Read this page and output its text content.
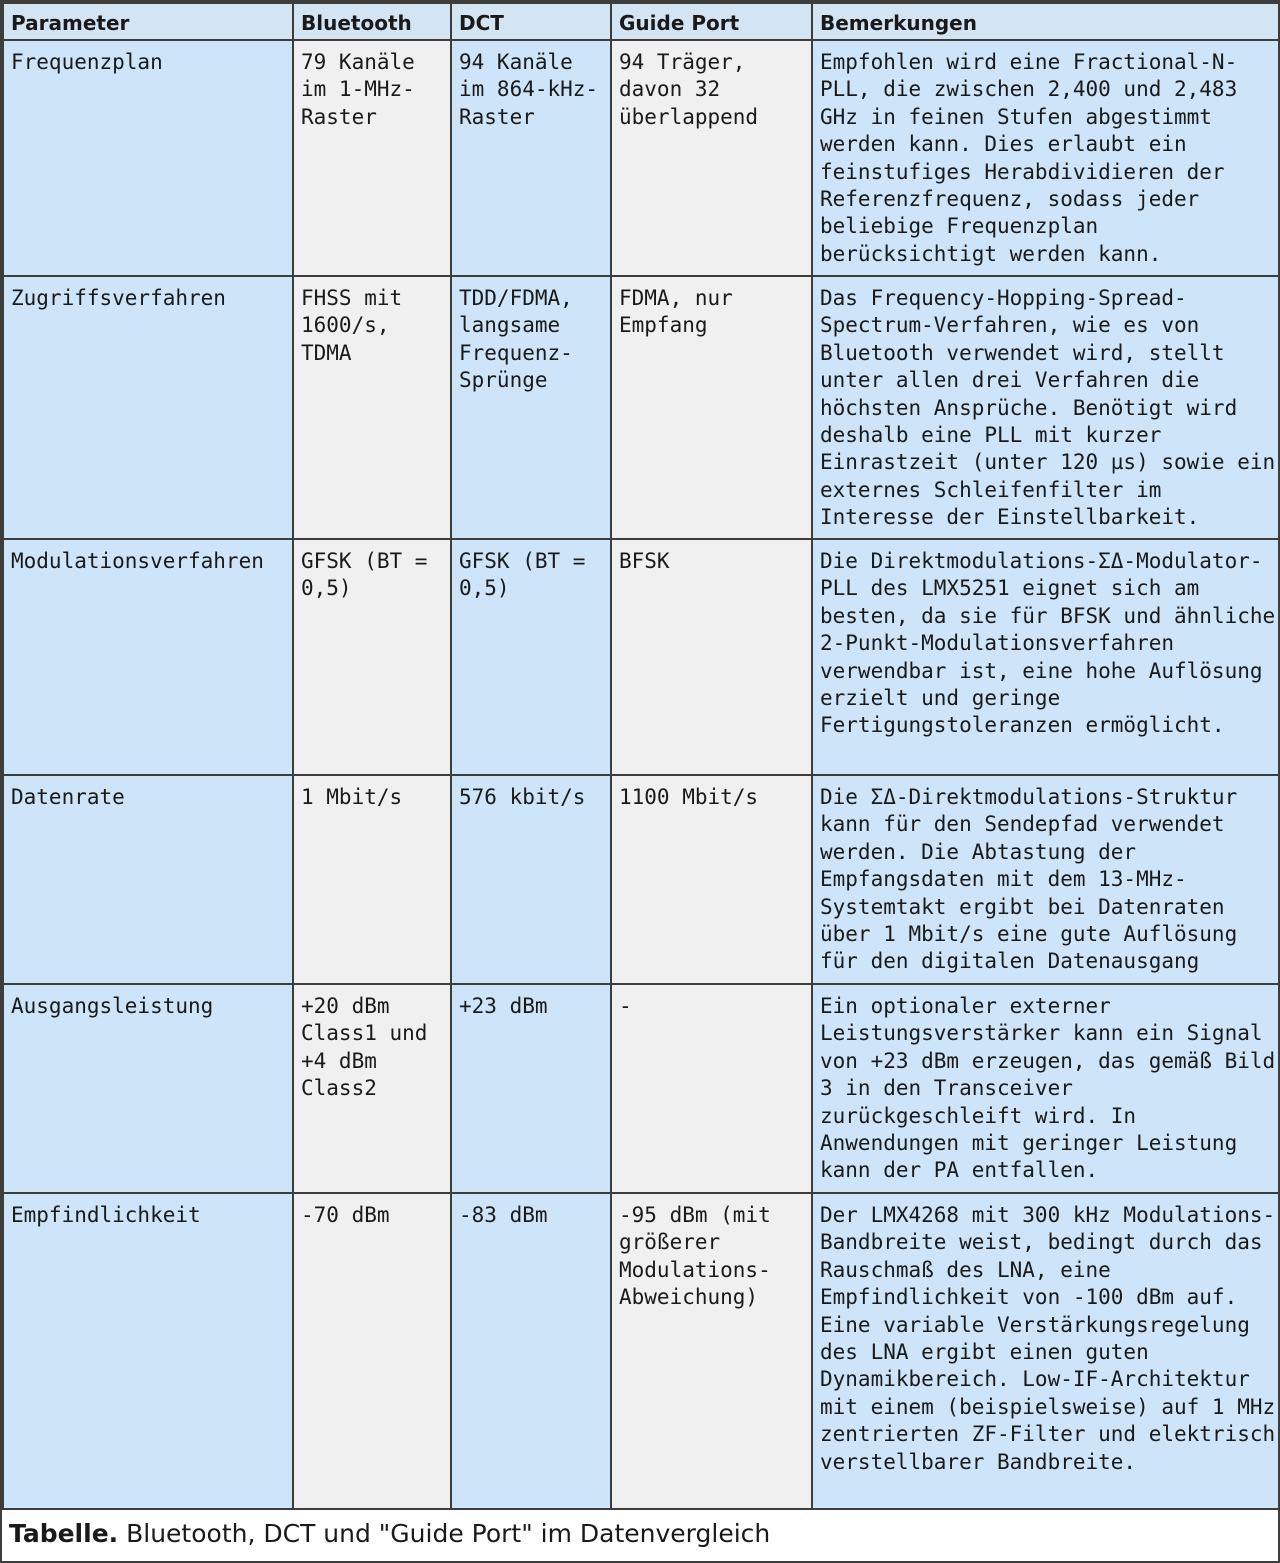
Parameter	Bluetooth	DCT	Guide Port	Bemerkungen
Frequenzplan	79 Kanäle im 1-MHz-Raster	94 Kanäle im 864-kHz-Raster	94 Träger, davon 32 überlappend	Empfohlen wird eine Fractional-N-PLL, die zwischen 2,400 und 2,483 GHz in feinen Stufen abgestimmt werden kann. Dies erlaubt ein feinstufiges Herabdividieren der Referenzfrequenz, sodass jeder beliebige Frequenzplan berücksichtigt werden kann.
Zugriffsverfahren	FHSS mit 1600/s, TDMA	TDD/FDMA, langsame Frequenz-Sprünge	FDMA, nur Empfang	Das Frequency-Hopping-Spread-Spectrum-Verfahren, wie es von Bluetooth verwendet wird, stellt unter allen drei Verfahren die höchsten Ansprüche. Benötigt wird deshalb eine PLL mit kurzer Einrastzeit (unter 120 µs) sowie ein externes Schleifenfilter im Interesse der Einstellbarkeit.
Modulationsverfahren	GFSK (BT = 0,5)	GFSK (BT = 0,5)	BFSK	Die Direktmodulations-ΣΔ-Modulator-PLL des LMX5251 eignet sich am besten, da sie für BFSK und ähnliche 2-Punkt-Modulationsverfahren verwendbar ist, eine hohe Auflösung erzielt und geringe Fertigungstoleranzen ermöglicht.
Datenrate	1 Mbit/s	576 kbit/s	1100 Mbit/s	Die ΣΔ-Direktmodulations-Struktur kann für den Sendepfad verwendet werden. Die Abtastung der Empfangsdaten mit dem 13-MHz-Systemtakt ergibt bei Datenraten über 1 Mbit/s eine gute Auflösung für den digitalen Datenausgang
Ausgangsleistung	+20 dBm Class1 und +4 dBm Class2	+23 dBm	-	Ein optionaler externer Leistungsverstärker kann ein Signal von +23 dBm erzeugen, das gemäß Bild 3 in den Transceiver zurückgeschleift wird. In Anwendungen mit geringer Leistung kann der PA entfallen.
Empfindlichkeit	-70 dBm	-83 dBm	-95 dBm (mit größerer Modulations-Abweichung)	Der LMX4268 mit 300 kHz Modulations-Bandbreite weist, bedingt durch das Rauschmaß des LNA, eine Empfindlichkeit von -100 dBm auf. Eine variable Verstärkungsregelung des LNA ergibt einen guten Dynamikbereich. Low-IF-Architektur mit einem (beispielsweise) auf 1 MHz zentrierten ZF-Filter und elektrisch verstellbarer Bandbreite.
Tabelle. Bluetooth, DCT und "Guide Port" im Datenvergleich
